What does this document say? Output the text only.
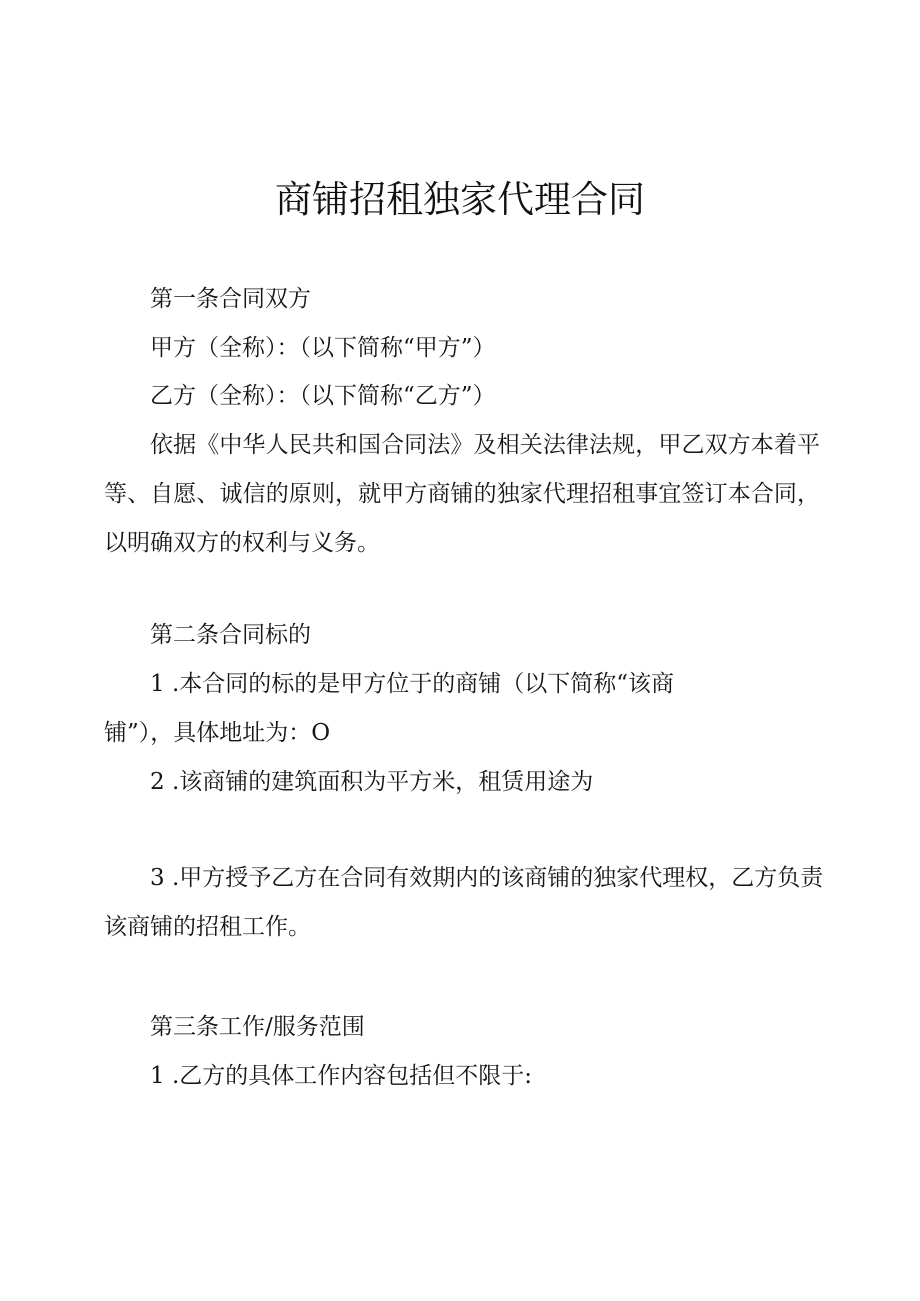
商铺招租独家代理合同
第一条合同双方
甲方（全称）：（以下简称“甲方”）
乙方（全称）：（以下简称“乙方”）
依据《中华人民共和国合同法》及相关法律法规，甲乙双方本着平
等、自愿、诚信的原则，就甲方商铺的独家代理招租事宜签订本合同，
以明确双方的权利与义务。
第二条合同标的
1 .本合同的标的是甲方位于的商铺（以下简称“该商
铺”），具体地址为：O
2 .该商铺的建筑面积为平方米，租赁用途为
3 .甲方授予乙方在合同有效期内的该商铺的独家代理权，乙方负责
该商铺的招租工作。
第三条工作/服务范围
1 .乙方的具体工作内容包括但不限于:
